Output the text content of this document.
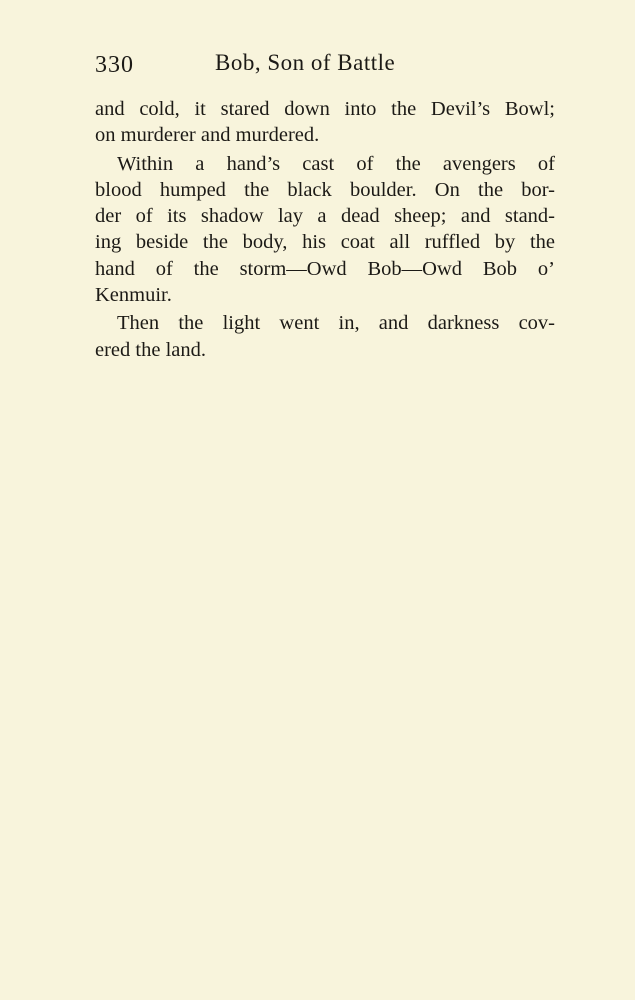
330	Bob, Son of Battle

and cold, it stared down into the Devil’s Bowl;
on murderer and murdered.

Within a hand’s cast of the avengers of
blood humped the black boulder. On the bor-
der of its shadow lay a dead sheep; and stand-
ing beside the body, his coat all ruffled by the
hand of the storm—Owd Bob—Owd Bob o’
Kenmuir.

Then the light went in, and darkness cov-
ered the land.
